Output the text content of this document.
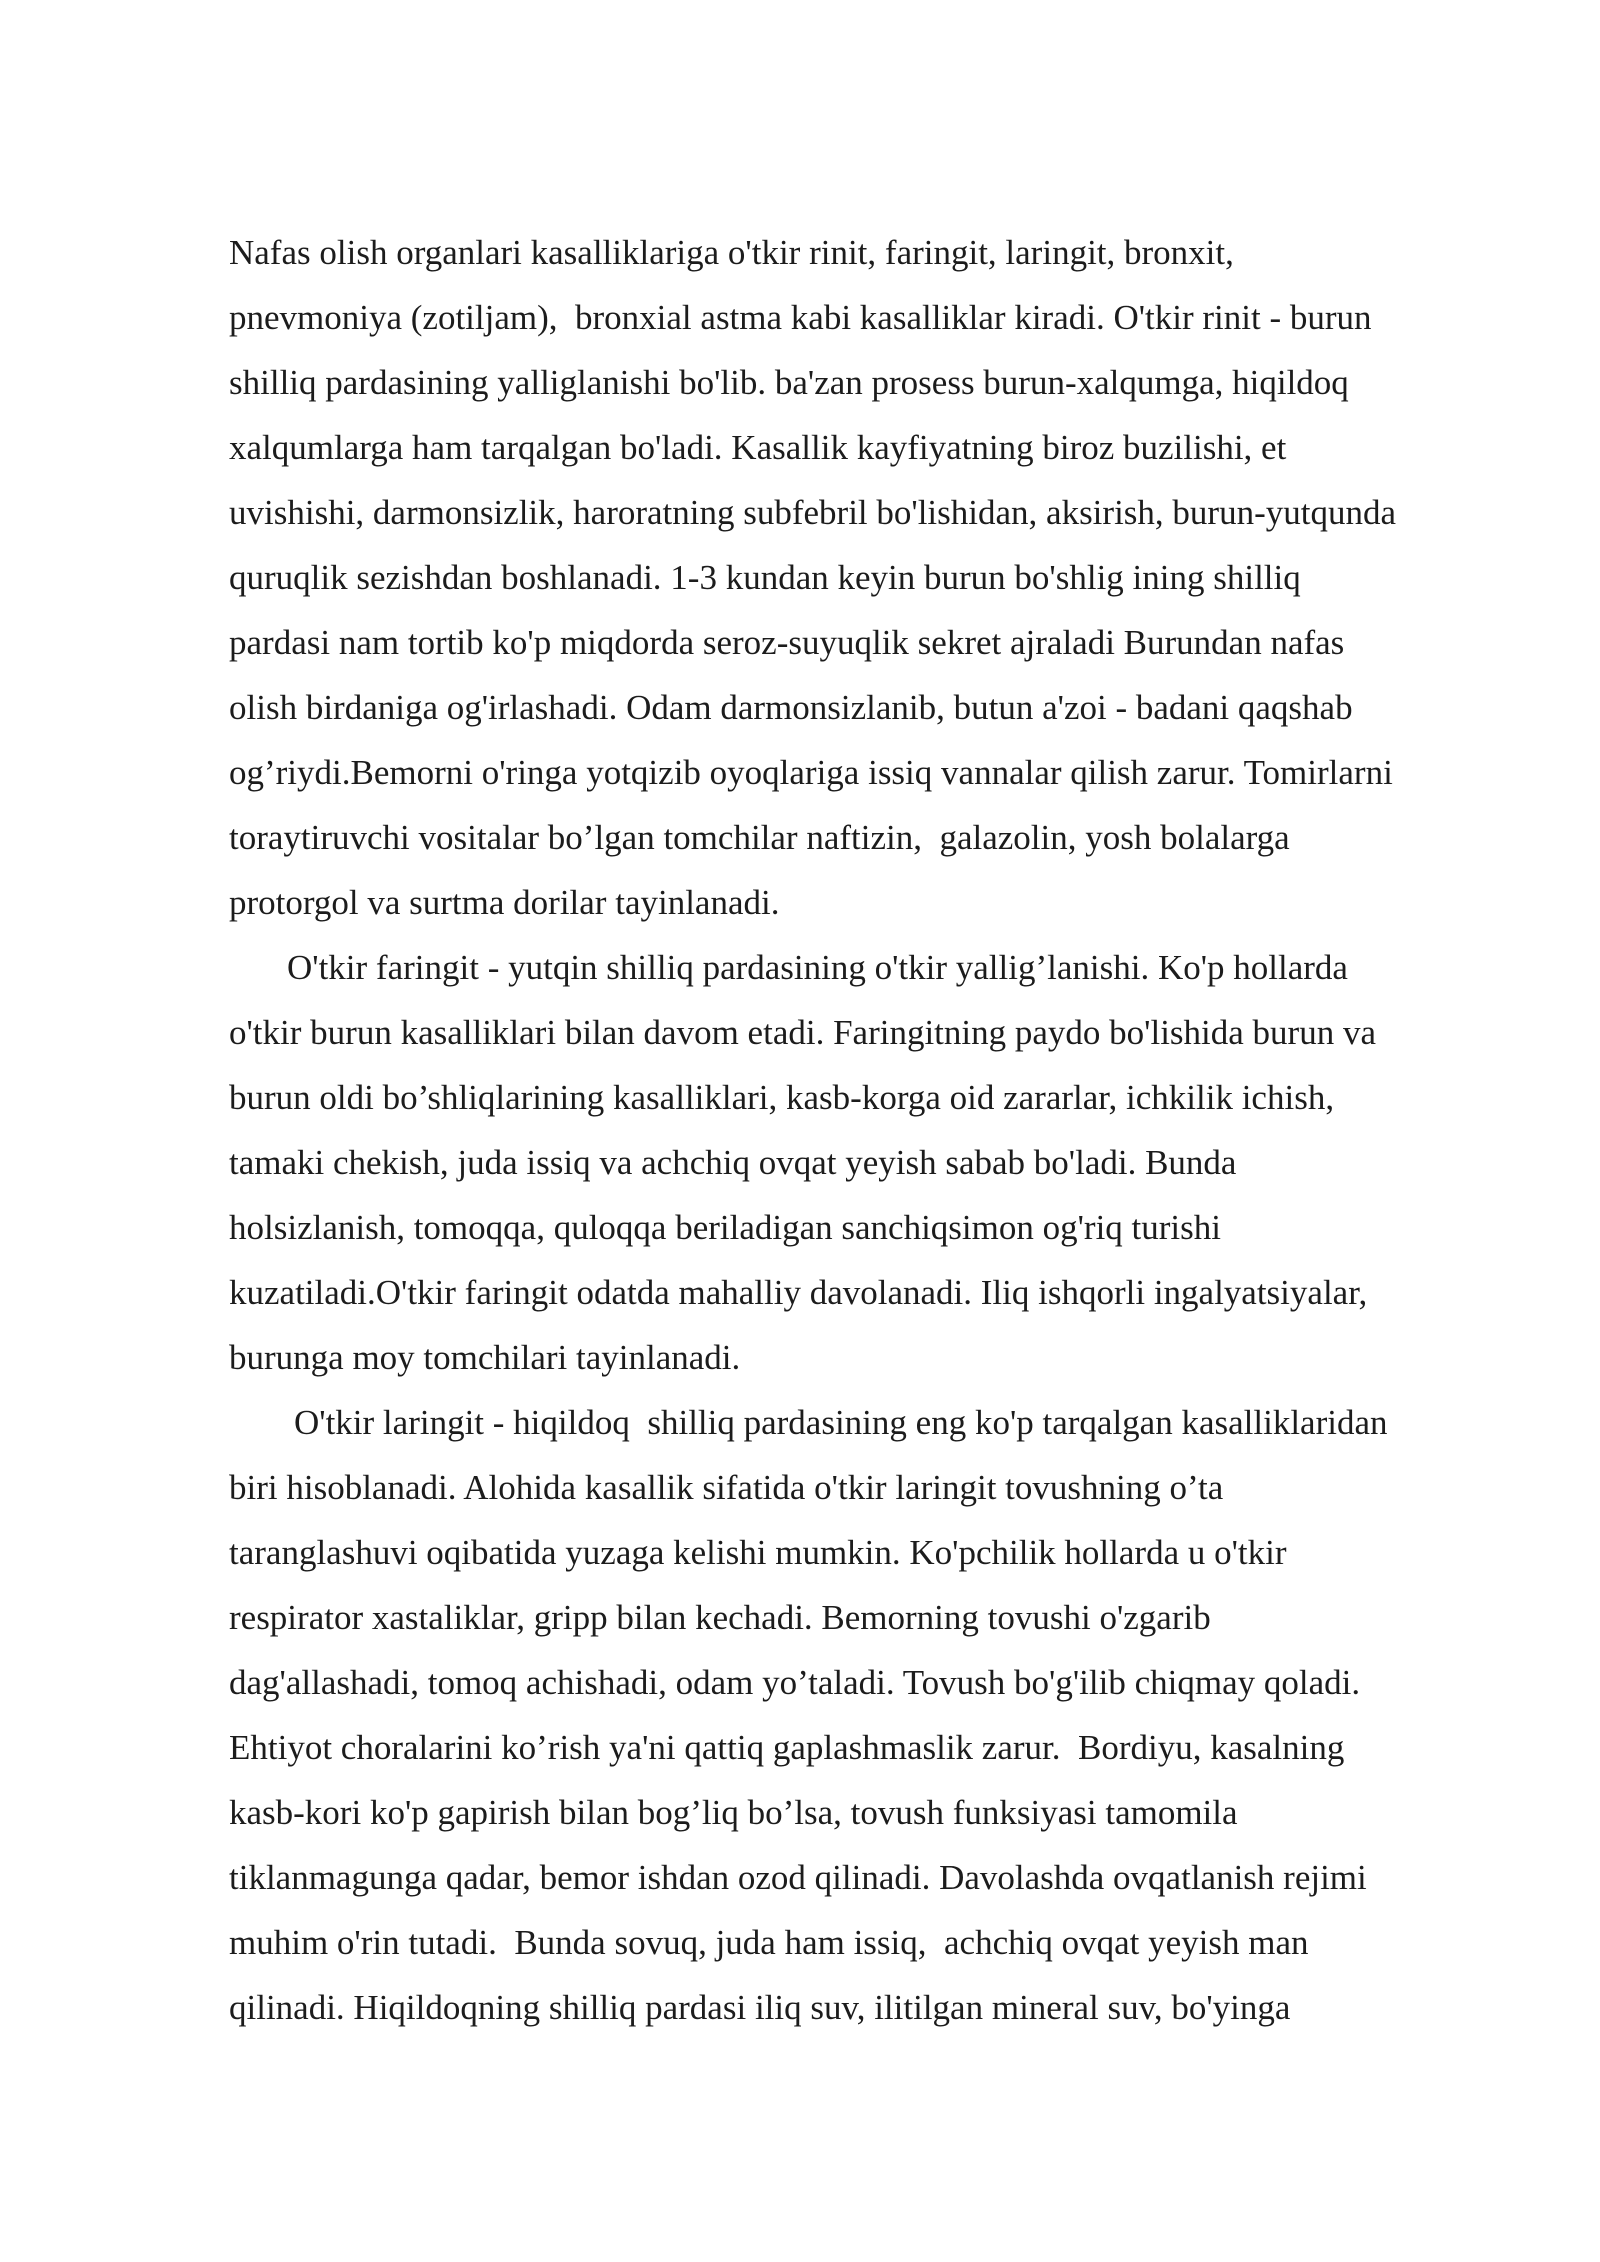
Nafas olish organlari kasalliklariga o'tkir rinit, faringit, laringit, bronxit,
pnevmoniya (zotiljam),  bronxial astma kabi kasalliklar kiradi. O'tkir rinit - burun
shilliq pardasining yalliglanishi bo'lib. ba'zan prosess burun-xalqumga, hiqildoq
xalqumlarga ham tarqalgan bo'ladi. Kasallik kayfiyatning biroz buzilishi, et
uvishishi, darmonsizlik, haroratning subfebril bo'lishidan, aksirish, burun-yutqunda
quruqlik sezishdan boshlanadi. 1-3 kundan keyin burun bo'shlig ining shilliq
pardasi nam tortib ko'p miqdorda seroz-suyuqlik sekret ajraladi Burundan nafas
olish birdaniga og'irlashadi. Odam darmonsizlanib, butun a'zoi - badani qaqshab
og’riydi.Bemorni o'ringa yotqizib oyoqlariga issiq vannalar qilish zarur. Tomirlarni
toraytiruvchi vositalar bo’lgan tomchilar naftizin,  galazolin, yosh bolalarga
protorgol va surtma dorilar tayinlanadi.
O'tkir faringit - yutqin shilliq pardasining o'tkir yallig’lanishi. Ko'p hollarda
o'tkir burun kasalliklari bilan davom etadi. Faringitning paydo bo'lishida burun va
burun oldi bo’shliqlarining kasalliklari, kasb-korga oid zararlar, ichkilik ichish,
tamaki chekish, juda issiq va achchiq ovqat yeyish sabab bo'ladi. Bunda
holsizlanish, tomoqqa, quloqqa beriladigan sanchiqsimon og'riq turishi
kuzatiladi.O'tkir faringit odatda mahalliy davolanadi. Iliq ishqorli ingalyatsiyalar,
burunga moy tomchilari tayinlanadi.
O'tkir laringit - hiqildoq  shilliq pardasining eng ko'p tarqalgan kasalliklaridan
biri hisoblanadi. Alohida kasallik sifatida o'tkir laringit tovushning o’ta
taranglashuvi oqibatida yuzaga kelishi mumkin. Ko'pchilik hollarda u o'tkir
respirator xastaliklar, gripp bilan kechadi. Bemorning tovushi o'zgarib
dag'allashadi, tomoq achishadi, odam yo’taladi. Tovush bo'g'ilib chiqmay qoladi.
Ehtiyot choralarini ko’rish ya'ni qattiq gaplashmaslik zarur.  Bordiyu, kasalning
kasb-kori ko'p gapirish bilan bog’liq bo’lsa, tovush funksiyasi tamomila
tiklanmagunga qadar, bemor ishdan ozod qilinadi. Davolashda ovqatlanish rejimi
muhim o'rin tutadi.  Bunda sovuq, juda ham issiq,  achchiq ovqat yeyish man
qilinadi. Hiqildoqning shilliq pardasi iliq suv, ilitilgan mineral suv, bo'yinga
